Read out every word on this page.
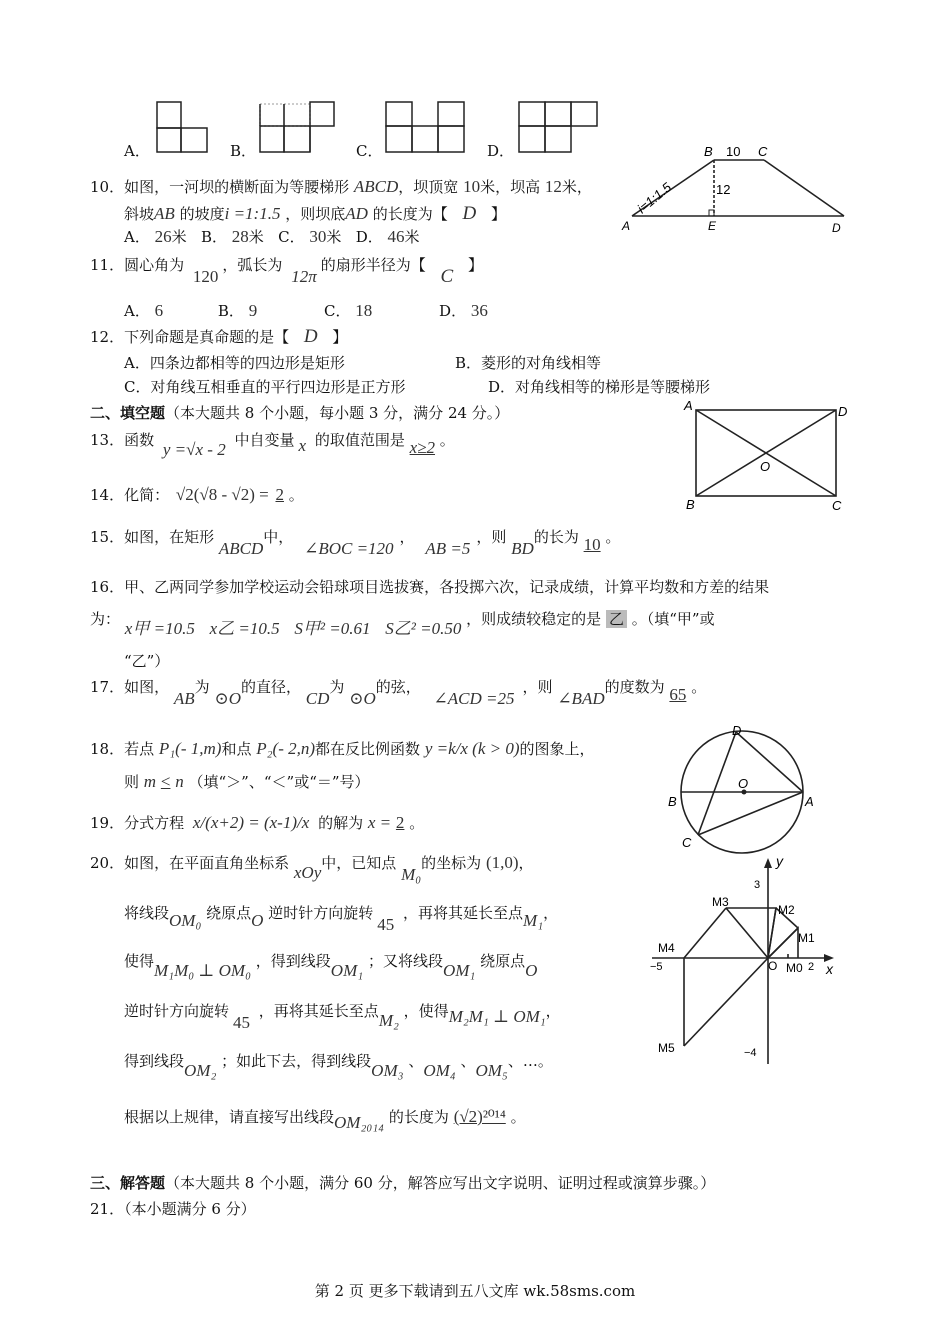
A．	B．	C．	D．
10．如图，一河坝的横断面为等腰梯形 ABCD，坝顶宽 10米，坝高 12米，
斜坡AB 的坡度i =1:1.5 ，则坝底AD 的长度为【 D 】
A． 26米 B． 28米 C． 30米 D． 46米
B 10 C
12
A	E	D
i=1:1.5
11．圆心角为 120，弧长为 12π的扇形半径为【 C 】
A． 6	B． 9	C． 18	D． 36
12．下列命题是真命题的是【 D 】
A．四条边都相等的四边形是矩形	B．菱形的对角线相等
C．对角线互相垂直的平行四边形是正方形	D．对角线相等的梯形是等腰梯形
二、填空题（本大题共 8 个小题，每小题 3 分，满分 24 分。）	A	D
O
B	C
13．函数 y =√x - 2 中自变量 x 的取值范围是 x≥2 。
14．化简： √2(√8 - √2) = 2 。
15．如图，在矩形 ABCD中， ∠BOC =120， AB =5，则 BD的长为 10 。
16．甲、乙两同学参加学校运动会铅球项目选拔赛，各投掷六次，记录成绩，计算平均数和方差的结果
为： x甲 =10.5 x乙 =10.5 S甲² =0.61 S乙² =0.50 ，则成绩较稳定的是 乙 。（填“甲”或
“乙”）
17．如图， AB为 ⊙O的直径， CD为 ⊙O的弦， ∠ACD =25，则 ∠BAD的度数为 65 。
D
B
O
A
C
18．若点 P₁(- 1,m)和点 P₂(- 2,n)都在反比例函数 y =k/x (k > 0)的图象上，
则 m < n （填“＞”、“＜”或“＝”号）
19．分式方程 x/(x+2) = (x-1)/x 的解为 x = 2 。
20．如图，在平面直角坐标系 xOy中，已知点 M₀的坐标为 (1,0)，
将线段OM₀ 绕原点O 逆时针方向旋转45 ，再将其延长至点M₁，
使得M₁M₀ ⊥ OM₀ ，得到线段OM₁ ；又将线段OM₁ 绕原点O
逆时针方向旋转45 ，再将其延长至点M₂ ，使得M₂M₁ ⊥ OM₁，
得到线段OM₂ ；如此下去，得到线段OM₃ 、OM₄ 、OM₅、…。
根据以上规律，请直接写出线段OM₂₀₁₄ 的长度为 (√2)²⁰¹⁴ 。
y
x
3
M3
M2
M1
M4
−5	O M0 2
M5	−4
三、解答题（本大题共 8 个小题，满分 60 分，解答应写出文字说明、证明过程或演算步骤。）
21．（本小题满分 6 分）
第 2 页 更多下载请到五八文库 wk.58sms.com
